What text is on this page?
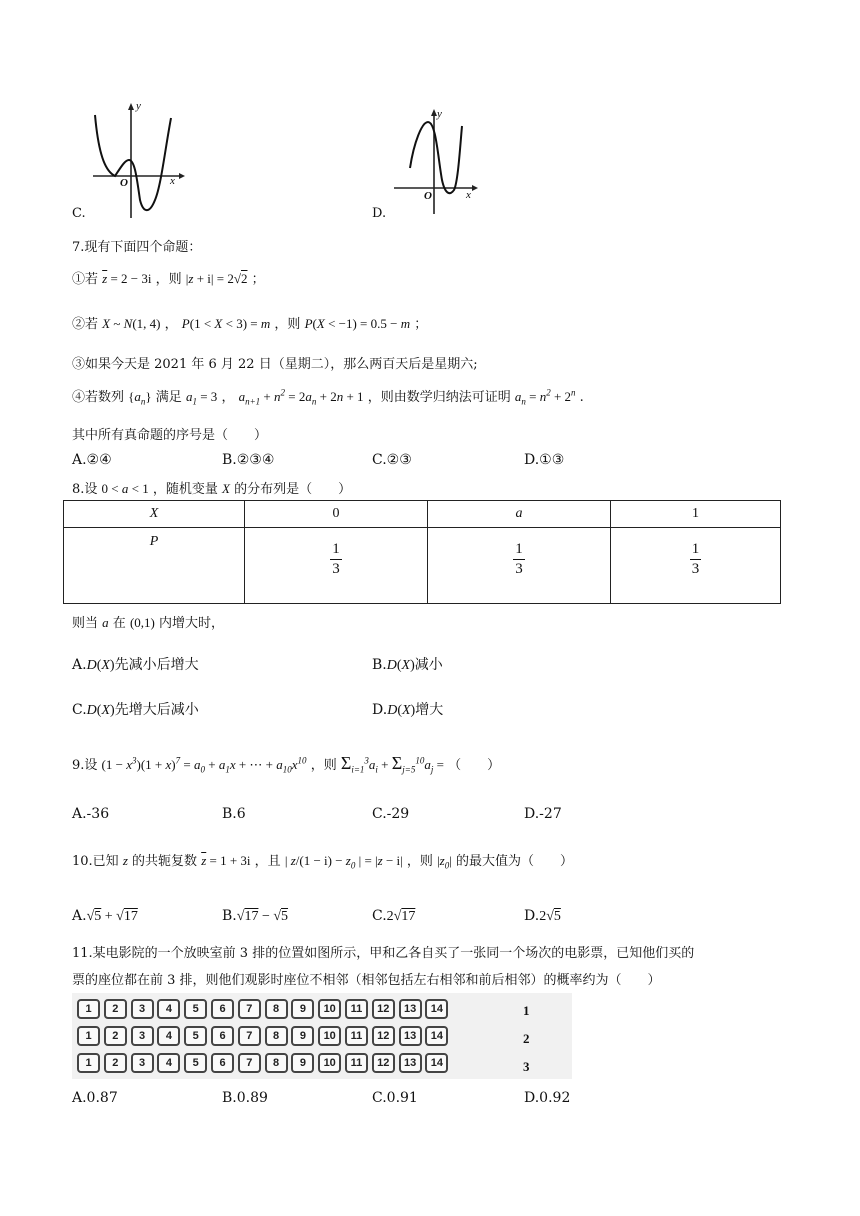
y
x
O
C.
y
x
O
D.
7.现有下面四个命题：
①若 $\overline{z} = 2 - 3i$ ，则 |z + i| = 2√2 ；
②若 X ~ N(1, 4) ， P(1 < X < 3) = m ，则 P(X < −1) = 0.5 − m ；
③如果今天是 2021 年 6 月 22 日（星期二），那么两百天后是星期六;
④若数列 $\{a_n\}$ 满足 $a_1 = 3$ ， $a_{n+1} + n^2 = 2a_n + 2n + 1$ ，则由数学归纳法可证明 $a_n = n^2 + 2^n$ .
其中所有真命题的序号是（　　）
A.②④	B.②③④	C.②③	D.①③
8.设 0 < a < 1 ，随机变量 X 的分布列是（　　）
X	0	a	1
P	$\frac{1}{3}$	$\frac{1}{3}$	$\frac{1}{3}$
则当 a 在 (0,1) 内增大时，
A.D(X)先减小后增大	B.D(X)减小
C.D(X)先增大后减小	D.D(X)增大
9.设 $(1 - x^3)(1 + x)^7 = a_0 + a_1x$ + ⋯ + $a_{10}x^{10}$ ，则 $\Sigma_{i=1}^3a_i + \Sigma_{j=5}^{10}a_j$ = （　　）
A.-36	B.6	C.-29	D.-27
10.已知 z 的共轭复数 $\overline{z} = 1 + 3i$ ，且 | $z/(1 - i) - z_0$ | = |z − i| ，则 $|z_0|$ 的最大值为（　　）
A.√5 + √17	B.√17 − √5	C.2√17	D.2√5
11.某电影院的一个放映室前 3 排的位置如图所示，甲和乙各自买了一张同一个场次的电影票，已知他们买的
票的座位都在前 3 排，则他们观影时座位不相邻（相邻包括左右相邻和前后相邻）的概率约为（　　）
1	2	3	4	5	6	7	8	9	10	11	12	13	14
1	2	3	4	5	6	7	8	9	10	11	12	13	14
1	2	3	4	5	6	7	8	9	10	11	12	13	14
1
2
3
A.0.87	B.0.89	C.0.91	D.0.92
